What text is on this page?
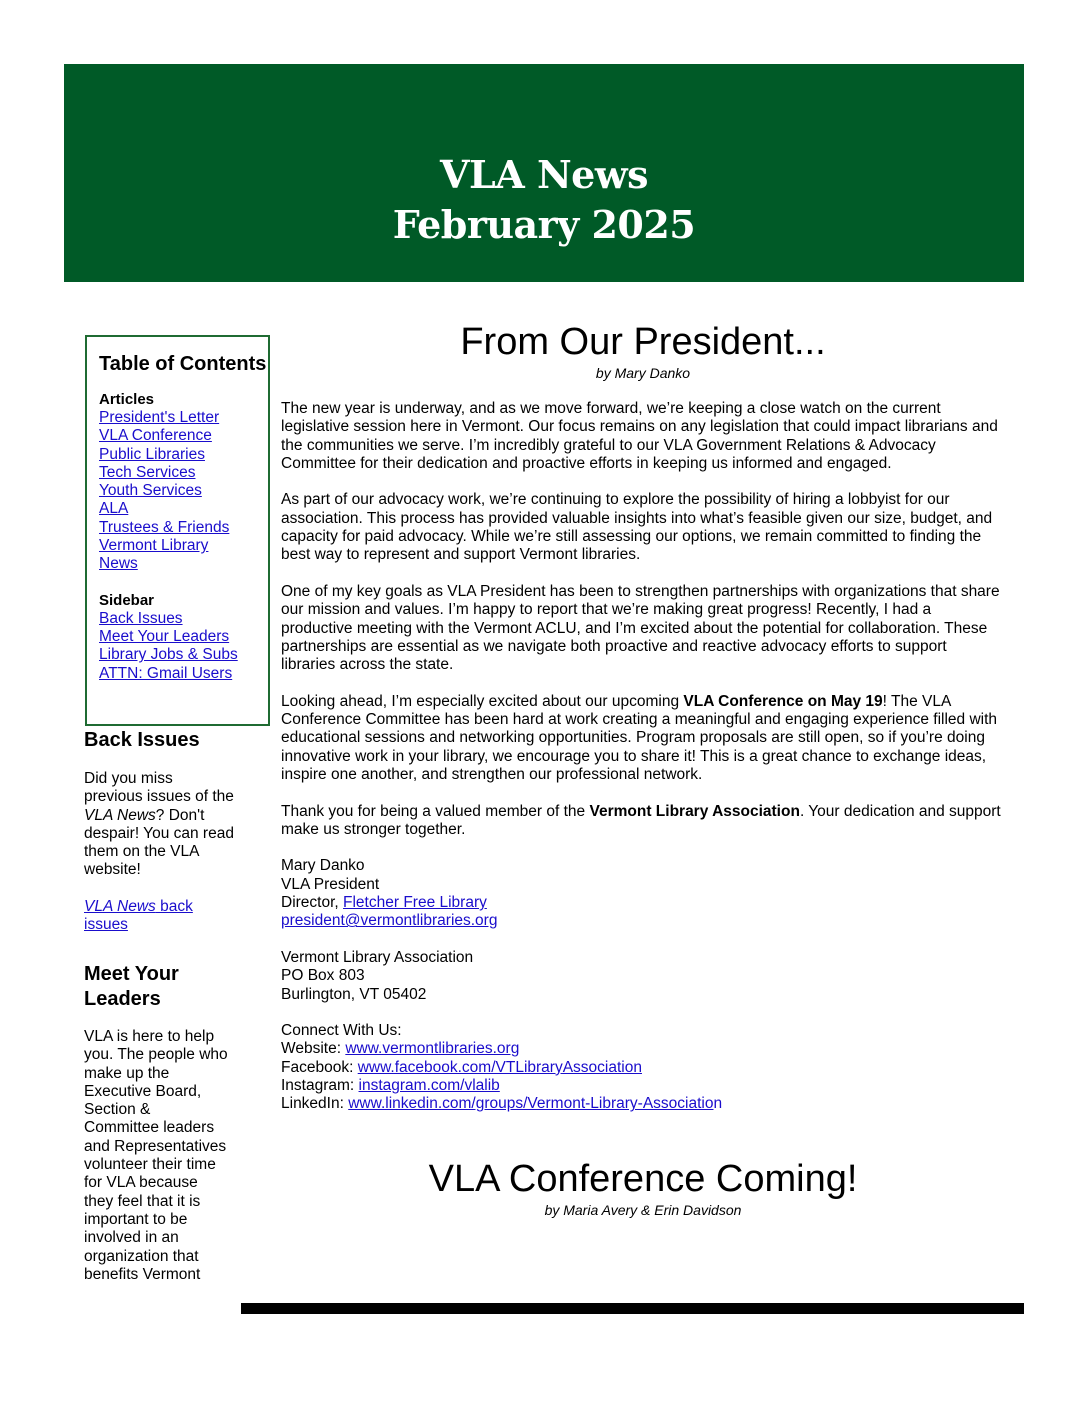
VLA News
February 2025
Table of Contents
Articles
President's Letter
VLA Conference
Public Libraries
Tech Services
Youth Services
ALA
Trustees & Friends
Vermont Library News
Sidebar
Back Issues
Meet Your Leaders
Library Jobs & Subs
ATTN: Gmail Users
Back Issues

Did you miss previous issues of the VLA News? Don't despair! You can read them on the VLA website!

VLA News back issues

Meet Your Leaders

VLA is here to help you. The people who make up the Executive Board, Section & Committee leaders and Representatives volunteer their time for VLA because they feel that it is important to be involved in an organization that benefits Vermont

From Our President...
by Mary Danko

The new year is underway, and as we move forward, we’re keeping a close watch on the current legislative session here in Vermont. Our focus remains on any legislation that could impact librarians and the communities we serve. I’m incredibly grateful to our VLA Government Relations & Advocacy Committee for their dedication and proactive efforts in keeping us informed and engaged.

As part of our advocacy work, we’re continuing to explore the possibility of hiring a lobbyist for our association. This process has provided valuable insights into what’s feasible given our size, budget, and capacity for paid advocacy. While we’re still assessing our options, we remain committed to finding the best way to represent and support Vermont libraries.

One of my key goals as VLA President has been to strengthen partnerships with organizations that share our mission and values. I’m happy to report that we’re making great progress! Recently, I had a productive meeting with the Vermont ACLU, and I’m excited about the potential for collaboration. These partnerships are essential as we navigate both proactive and reactive advocacy efforts to support libraries across the state.

Looking ahead, I’m especially excited about our upcoming VLA Conference on May 19! The VLA Conference Committee has been hard at work creating a meaningful and engaging experience filled with educational sessions and networking opportunities. Program proposals are still open, so if you’re doing innovative work in your library, we encourage you to share it! This is a great chance to exchange ideas, inspire one another, and strengthen our professional network.

Thank you for being a valued member of the Vermont Library Association. Your dedication and support make us stronger together.

Mary Danko
VLA President
Director, Fletcher Free Library
president@vermontlibraries.org
Vermont Library Association
PO Box 803
Burlington, VT 05402
Connect With Us:
Website: www.vermontlibraries.org
Facebook: www.facebook.com/VTLibraryAssociation
Instagram: instagram.com/vlalib
LinkedIn: www.linkedin.com/groups/Vermont-Library-Association
VLA Conference Coming!
by Maria Avery & Erin Davidson
